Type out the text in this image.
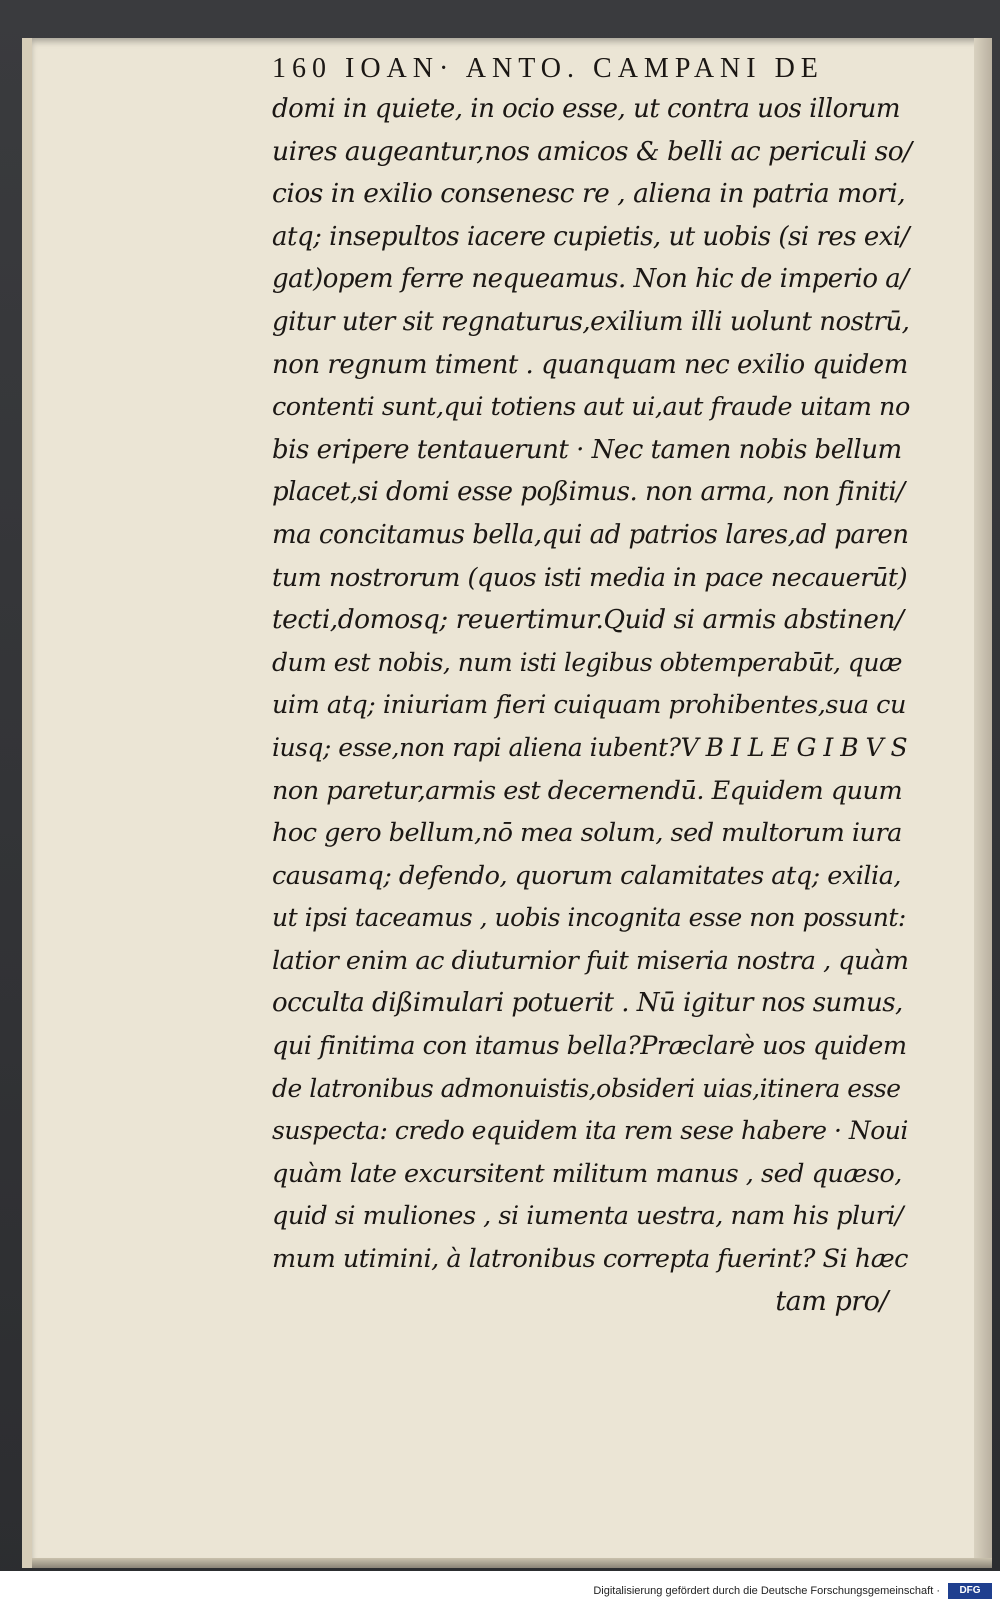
160 IOAN· ANTO. CAMPANI DE
domi in quiete, in ocio esse, ut contra uos illorum
uires augeantur,nos amicos & belli ac periculi so/
cios in exilio consenesc re , aliena in patria mori,
atq; insepultos iacere cupietis, ut uobis (si res exi/
gat)opem ferre nequeamus. Non hic de imperio a/
gitur uter sit regnaturus,exilium illi uolunt nostrū,
non regnum timent . quanquam nec exilio quidem
contenti sunt,qui totiens aut ui,aut fraude uitam no
bis eripere tentauerunt · Nec tamen nobis bellum
placet,si domi esse poßimus. non arma, non finiti/
ma concitamus bella,qui ad patrios lares,ad paren
tum nostrorum (quos isti media in pace necauerūt)
tecti,domosq; reuertimur.Quid si armis abstinen/
dum est nobis, num isti legibus obtemperabūt, quæ
uim atq; iniuriam fieri cuiquam prohibentes,sua cu
iusq; esse,non rapi aliena iubent?V B I L E G I B V S
non paretur,armis est decernendū. Equidem quum
hoc gero bellum,nō mea solum, sed multorum iura
causamq; defendo, quorum calamitates atq; exilia,
ut ipsi taceamus , uobis incognita esse non possunt:
latior enim ac diuturnior fuit miseria nostra , quàm
occulta dißimulari potuerit . Nū igitur nos sumus,
qui finitima con itamus bella?Præclarè uos quidem
de latronibus admonuistis,obsideri uias,itinera esse
suspecta: credo equidem ita rem sese habere · Noui
quàm late excursitent militum manus , sed quæso,
quid si muliones , si iumenta uestra, nam his pluri/
mum utimini, à latronibus correpta fuerint? Si hæc
tam pro/
Digitalisierung gefördert durch die Deutsche Forschungsgemeinschaft ·	DFG
